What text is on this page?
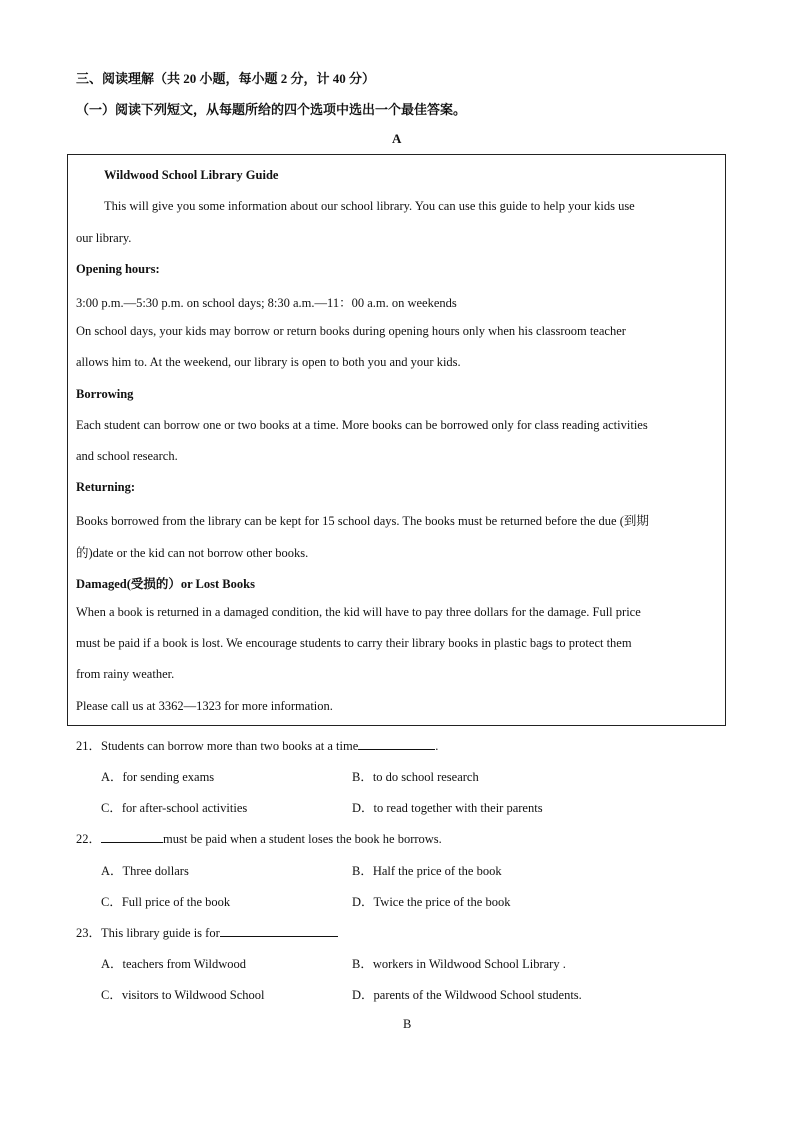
三、阅读理解（共 20 小题，每小题 2 分，计 40 分）
（一）阅读下列短文，从每题所给的四个选项中选出一个最佳答案。
A
Wildwood School Library Guide
This will give you some information about our school library. You can use this guide to help your kids use
our library.
Opening hours:
3:00 p.m.—5:30 p.m. on school days; 8:30 a.m.—11：00 a.m. on weekends
On school days, your kids may borrow or return books during opening hours only when his classroom teacher
allows him to. At the weekend, our library is open to both you and your kids.
Borrowing
Each student can borrow one or two books at a time. More books can be borrowed only for class reading activities
and school research.
Returning:
Books borrowed from the library can be kept for 15 school days. The books must be returned before the due (到期
的)date or the kid can not borrow other books.
Damaged(受损的）or Lost Books
When a book is returned in a damaged condition, the kid will have to pay three dollars for the damage. Full price
must be paid if a book is lost. We encourage students to carry their library books in plastic bags to protect them
from rainy weather.
Please call us at 3362—1323 for more information.
21．Students can borrow more than two books at a time	.
A．for sending exams	B．to do school research
C．for after-school activities	D．to read together with their parents
22．	must be paid when a student loses the book he borrows.
A．Three dollars	B．Half the price of the book
C．Full price of the book	D．Twice the price of the book
23．This library guide is for
A．teachers from Wildwood	B．workers in Wildwood School Library .
C．visitors to Wildwood School	D．parents of the Wildwood School students.
B
